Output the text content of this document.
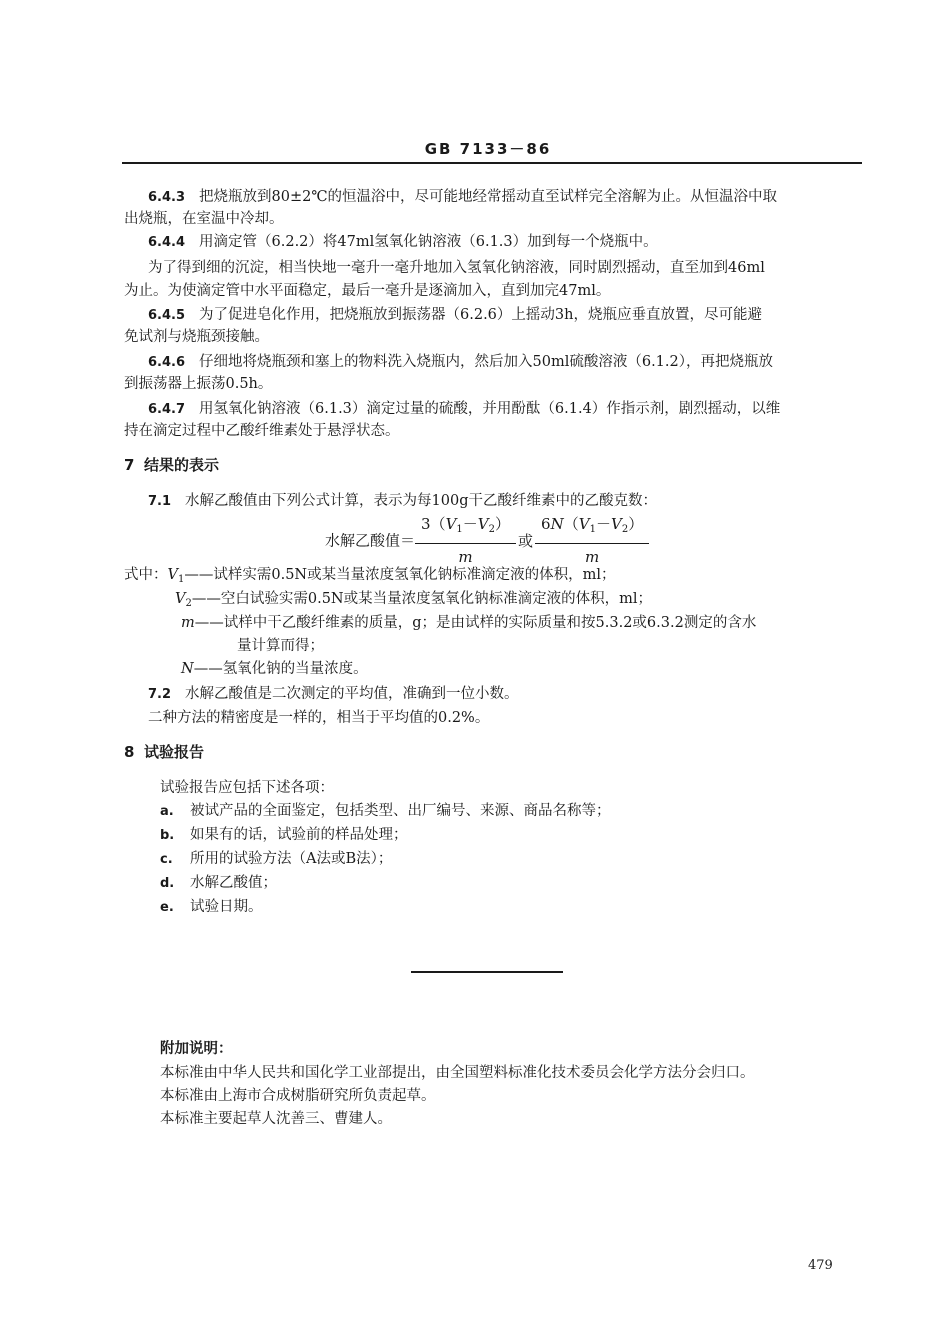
GB 7133－86
6.4.3 把烧瓶放到80±2℃的恒温浴中，尽可能地经常摇动直至试样完全溶解为止。从恒温浴中取
出烧瓶，在室温中冷却。
6.4.4 用滴定管（6.2.2）将47ml氢氧化钠溶液（6.1.3）加到每一个烧瓶中。
为了得到细的沉淀，相当快地一毫升一毫升地加入氢氧化钠溶液，同时剧烈摇动，直至加到46ml
为止。为使滴定管中水平面稳定，最后一毫升是逐滴加入，直到加完47ml。
6.4.5 为了促进皂化作用，把烧瓶放到振荡器（6.2.6）上摇动3h，烧瓶应垂直放置，尽可能避
免试剂与烧瓶颈接触。
6.4.6 仔细地将烧瓶颈和塞上的物料洗入烧瓶内，然后加入50ml硫酸溶液（6.1.2），再把烧瓶放
到振荡器上振荡0.5h。
6.4.7 用氢氧化钠溶液（6.1.3）滴定过量的硫酸，并用酚酞（6.1.4）作指示剂，剧烈摇动，以维
持在滴定过程中乙酸纤维素处于悬浮状态。
7 结果的表示
7.1 水解乙酸值由下列公式计算，表示为每100g干乙酸纤维素中的乙酸克数：
水解乙酸值＝ $\frac{3(V_1-V_2)}{m}$ 或 $\frac{6N(V_1-V_2)}{m}$
式中：$V_1——$试样实需0.5N或某当量浓度氢氧化钠标准滴定液的体积，ml；
$V_2——$空白试验实需0.5N或某当量浓度氢氧化钠标准滴定液的体积，ml；
m——试样中干乙酸纤维素的质量，g；是由试样的实际质量和按5.3.2或6.3.2测定的含水
量计算而得；
N——氢氧化钠的当量浓度。
7.2 水解乙酸值是二次测定的平均值，准确到一位小数。
二种方法的精密度是一样的，相当于平均值的0.2%。
8 试验报告
试验报告应包括下述各项：
a. 被试产品的全面鉴定，包括类型、出厂编号、来源、商品名称等；
b. 如果有的话，试验前的样品处理；
c. 所用的试验方法（A法或B法）；
d. 水解乙酸值；
e. 试验日期。
附加说明：
本标准由中华人民共和国化学工业部提出，由全国塑料标准化技术委员会化学方法分会归口。
本标准由上海市合成树脂研究所负责起草。
本标准主要起草人沈善三、曹建人。
479
